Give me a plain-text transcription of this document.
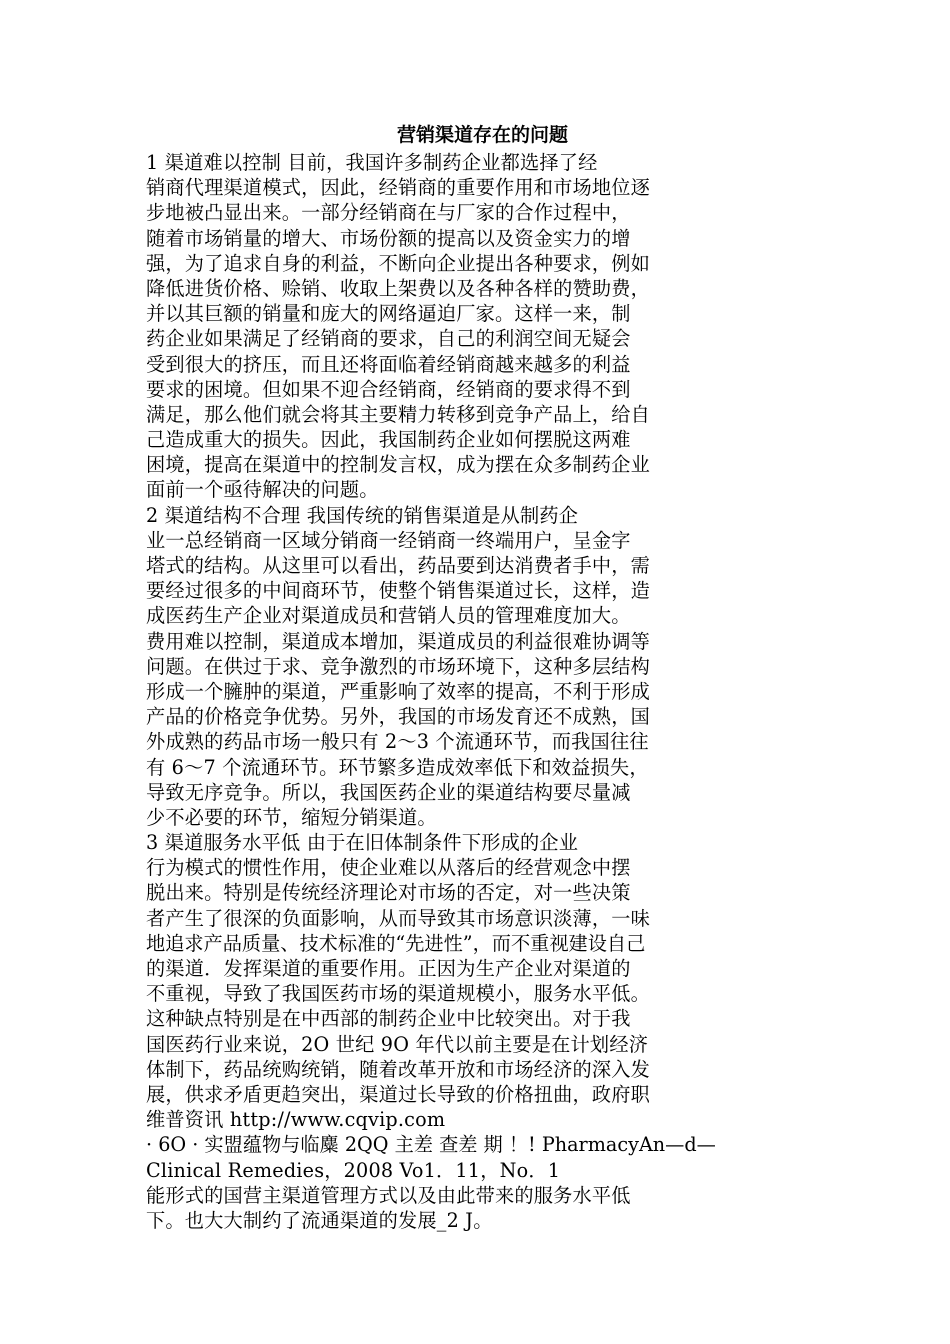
营销渠道存在的问题
1 渠道难以控制 目前，我国许多制药企业都选择了经
销商代理渠道模式，因此，经销商的重要作用和市场地位逐
步地被凸显出来。一部分经销商在与厂家的合作过程中，
随着市场销量的增大、市场份额的提高以及资金实力的增
强，为了追求自身的利益，不断向企业提出各种要求，例如
降低进货价格、赊销、收取上架费以及各种各样的赞助费，
并以其巨额的销量和庞大的网络逼迫厂家。这样一来，制
药企业如果满足了经销商的要求，自己的利润空间无疑会
受到很大的挤压，而且还将面临着经销商越来越多的利益
要求的困境。但如果不迎合经销商，经销商的要求得不到
满足，那么他们就会将其主要精力转移到竞争产品上，给自
己造成重大的损失。因此，我国制药企业如何摆脱这两难
困境，提高在渠道中的控制发言权，成为摆在众多制药企业
面前一个亟待解决的问题。
2 渠道结构不合理 我国传统的销售渠道是从制药企
业一总经销商一区域分销商一经销商一终端用户，呈金字
塔式的结构。从这里可以看出，药品要到达消费者手中，需
要经过很多的中间商环节，使整个销售渠道过长，这样，造
成医药生产企业对渠道成员和营销人员的管理难度加大。
费用难以控制，渠道成本增加，渠道成员的利益很难协调等
问题。在供过于求、竞争激烈的市场环境下，这种多层结构
形成一个臃肿的渠道，严重影响了效率的提高，不利于形成
产品的价格竞争优势。另外，我国的市场发育还不成熟，国
外成熟的药品市场一般只有 2～3 个流通环节，而我国往往
有 6～7 个流通环节。环节繁多造成效率低下和效益损失，
导致无序竞争。所以，我国医药企业的渠道结构要尽量减
少不必要的环节，缩短分销渠道。
3 渠道服务水平低 由于在旧体制条件下形成的企业
行为模式的惯性作用，使企业难以从落后的经营观念中摆
脱出来。特别是传统经济理论对市场的否定，对一些决策
者产生了很深的负面影响，从而导致其市场意识淡薄，一味
地追求产品质量、技术标准的“先进性”，而不重视建设自己
的渠道．发挥渠道的重要作用。正因为生产企业对渠道的
不重视，导致了我国医药市场的渠道规模小，服务水平低。
这种缺点特别是在中西部的制药企业中比较突出。对于我
国医药行业来说，2O 世纪 9O 年代以前主要是在计划经济
体制下，药品统购统销，随着改革开放和市场经济的深入发
展，供求矛盾更趋突出，渠道过长导致的价格扭曲，政府职
维普资讯 http://www.cqvip.com
· 6O · 实盟蕴物与临麋 2QQ 主差 查差 期 ！! PharmacyAn—d—
Clinical Remedies，2008 Vo1．11，No．1
能形式的国营主渠道管理方式以及由此带来的服务水平低
下。也大大制约了流通渠道的发展_2 J。
